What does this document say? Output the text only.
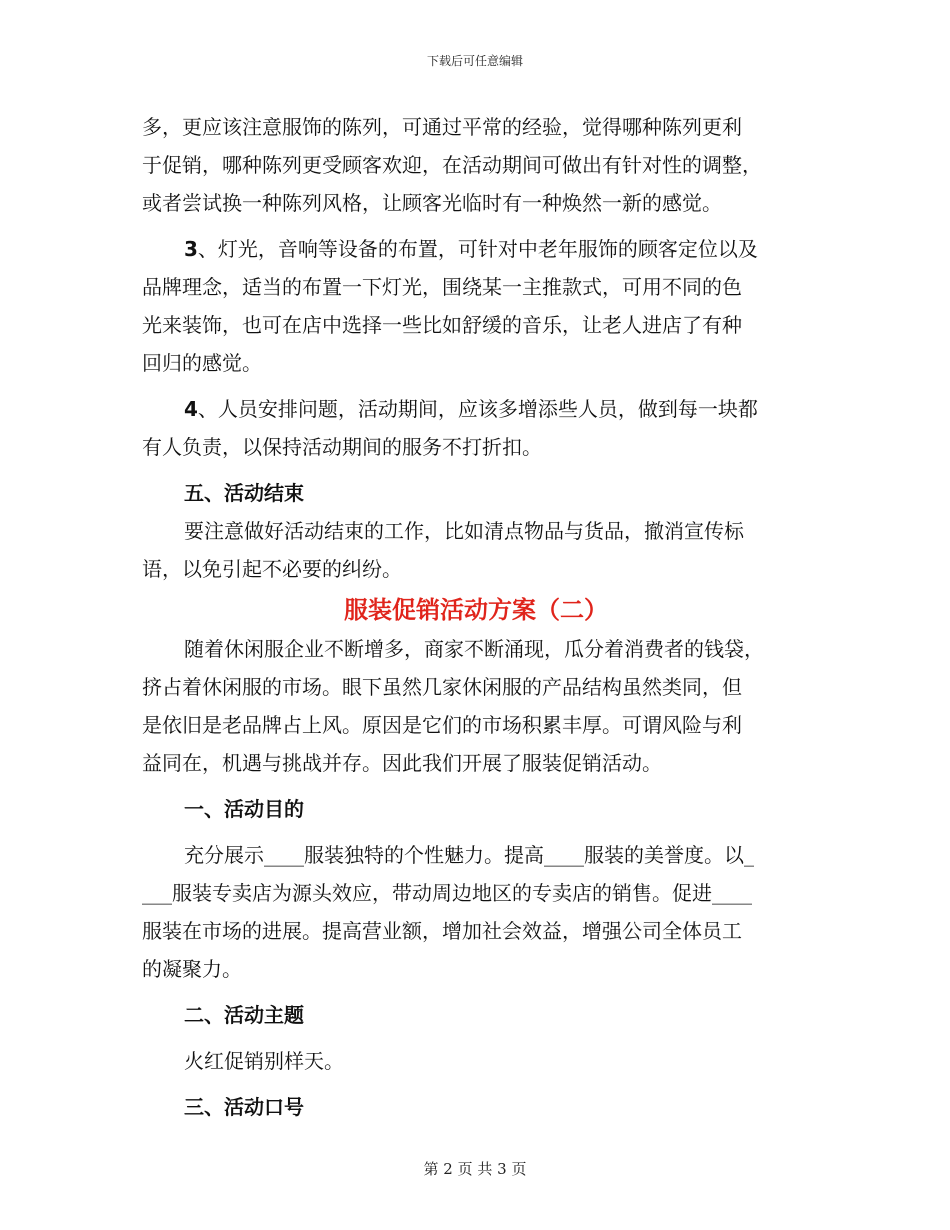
下载后可任意编辑
多，更应该注意服饰的陈列，可通过平常的经验，觉得哪种陈列更利
于促销，哪种陈列更受顾客欢迎，在活动期间可做出有针对性的调整，
或者尝试换一种陈列风格，让顾客光临时有一种焕然一新的感觉。
3、灯光，音响等设备的布置，可针对中老年服饰的顾客定位以及
品牌理念，适当的布置一下灯光，围绕某一主推款式，可用不同的色
光来装饰，也可在店中选择一些比如舒缓的音乐，让老人进店了有种
回归的感觉。
4、人员安排问题，活动期间，应该多增添些人员，做到每一块都
有人负责，以保持活动期间的服务不打折扣。
五、活动结束
要注意做好活动结束的工作，比如清点物品与货品，撤消宣传标
语，以免引起不必要的纠纷。
服装促销活动方案（二）
随着休闲服企业不断增多，商家不断涌现，瓜分着消费者的钱袋，
挤占着休闲服的市场。眼下虽然几家休闲服的产品结构虽然类同，但
是依旧是老品牌占上风。原因是它们的市场积累丰厚。可谓风险与利
益同在，机遇与挑战并存。因此我们开展了服装促销活动。
一、活动目的
充分展示____服装独特的个性魅力。提高____服装的美誉度。以_
___服装专卖店为源头效应，带动周边地区的专卖店的销售。促进____
服装在市场的进展。提高营业额，增加社会效益，增强公司全体员工
的凝聚力。
二、活动主题
火红促销别样天。
三、活动口号
第 2 页 共 3 页
